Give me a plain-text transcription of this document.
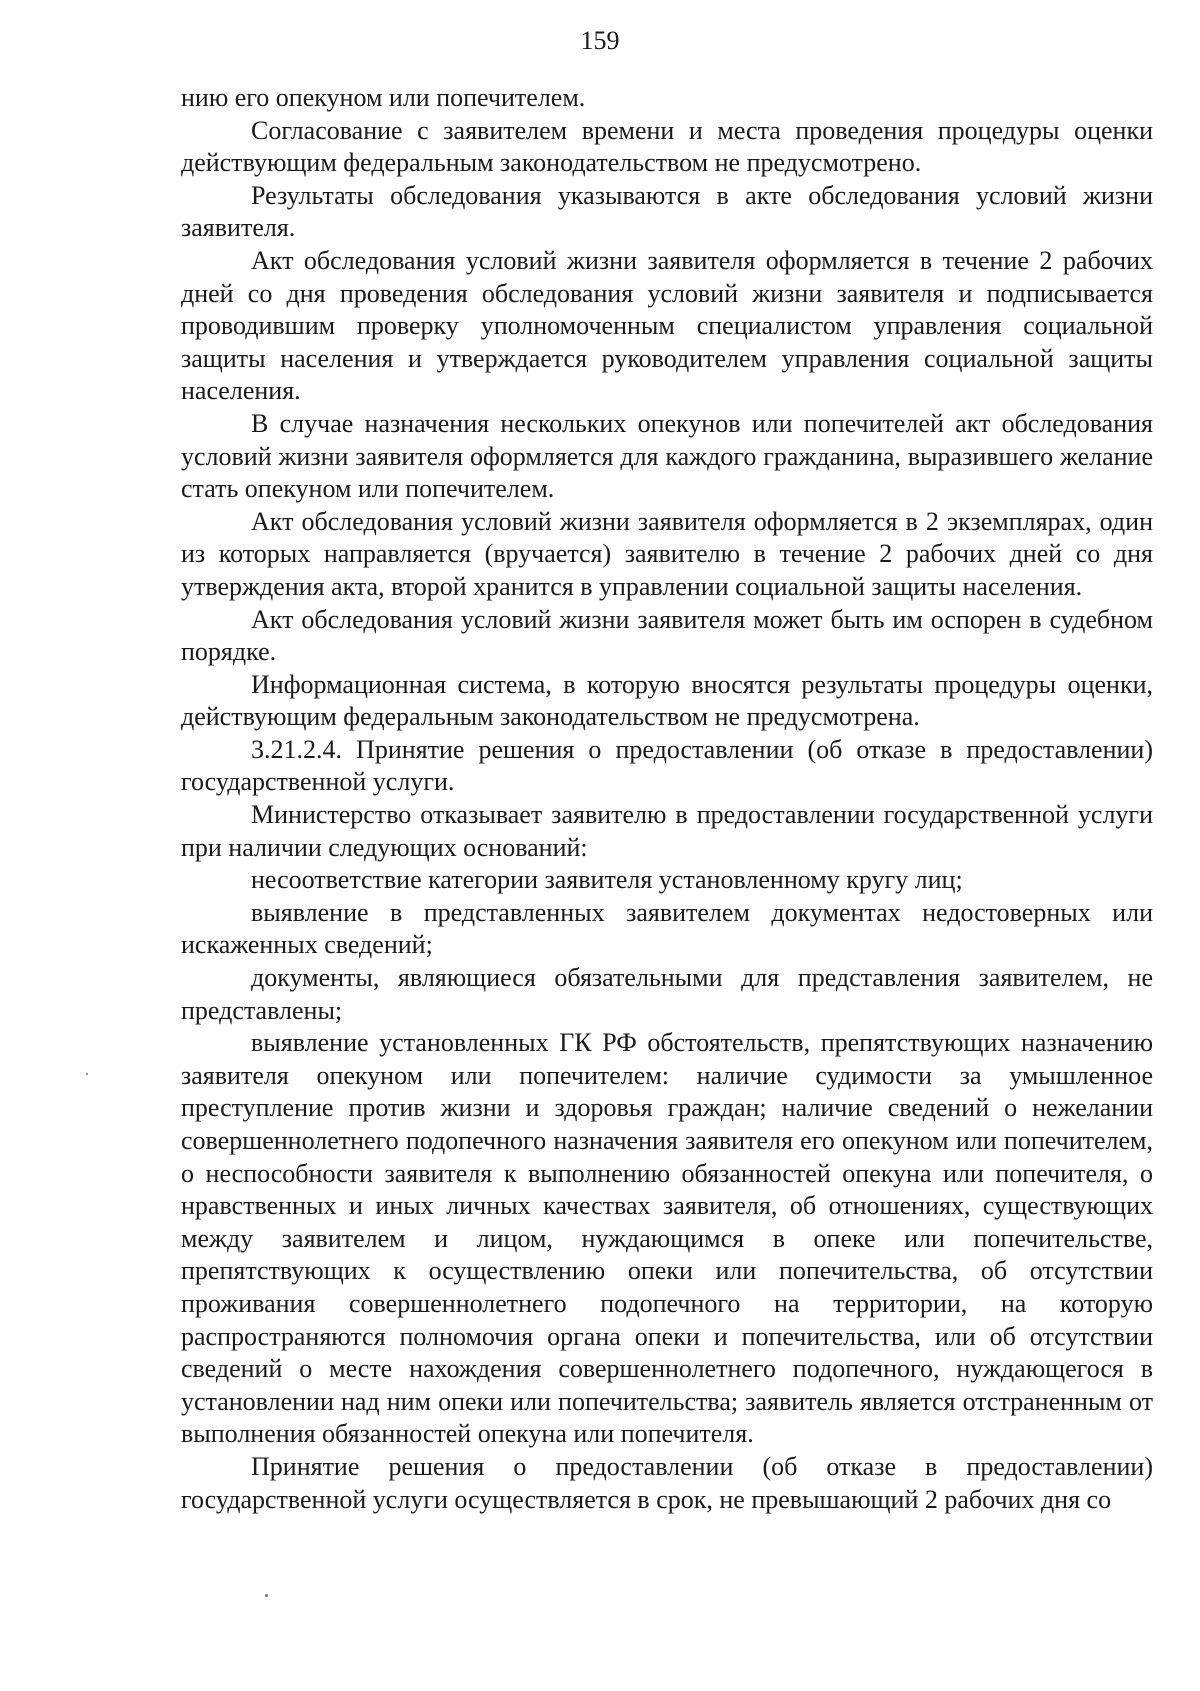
159

нию его опекуном или попечителем.

Согласование с заявителем времени и места проведения процедуры оценки действующим федеральным законодательством не предусмотрено.

Результаты обследования указываются в акте обследования условий жизни заявителя.

Акт обследования условий жизни заявителя оформляется в течение 2 рабочих дней со дня проведения обследования условий жизни заявителя и подписывается проводившим проверку уполномоченным специалистом управления социальной защиты населения и утверждается руководителем управления социальной защиты населения.

В случае назначения нескольких опекунов или попечителей акт обследования условий жизни заявителя оформляется для каждого гражданина, выразившего желание стать опекуном или попечителем.

Акт обследования условий жизни заявителя оформляется в 2 экземплярах, один из которых направляется (вручается) заявителю в течение 2 рабочих дней со дня утверждения акта, второй хранится в управлении социальной защиты населения.

Акт обследования условий жизни заявителя может быть им оспорен в судебном порядке.

Информационная система, в которую вносятся результаты процедуры оценки, действующим федеральным законодательством не предусмотрена.

3.21.2.4. Принятие решения о предоставлении (об отказе в предоставлении) государственной услуги.

Министерство отказывает заявителю в предоставлении государственной услуги при наличии следующих оснований:

несоответствие категории заявителя установленному кругу лиц;

выявление в представленных заявителем документах недостоверных или искаженных сведений;

документы, являющиеся обязательными для представления заявителем, не представлены;

выявление установленных ГК РФ обстоятельств, препятствующих назначению заявителя опекуном или попечителем: наличие судимости за умышленное преступление против жизни и здоровья граждан; наличие сведений о нежелании совершеннолетнего подопечного назначения заявителя его опекуном или попечителем, о неспособности заявителя к выполнению обязанностей опекуна или попечителя, о нравственных и иных личных качествах заявителя, об отношениях, существующих между заявителем и лицом, нуждающимся в опеке или попечительстве, препятствующих к осуществлению опеки или попечительства, об отсутствии проживания совершеннолетнего подопечного на территории, на которую распространяются полномочия органа опеки и попечительства, или об отсутствии сведений о месте нахождения совершеннолетнего подопечного, нуждающегося в установлении над ним опеки или попечительства; заявитель является отстраненным от выполнения обязанностей опекуна или попечителя.

Принятие решения о предоставлении (об отказе в предоставлении) государственной услуги осуществляется в срок, не превышающий 2 рабочих дня со
